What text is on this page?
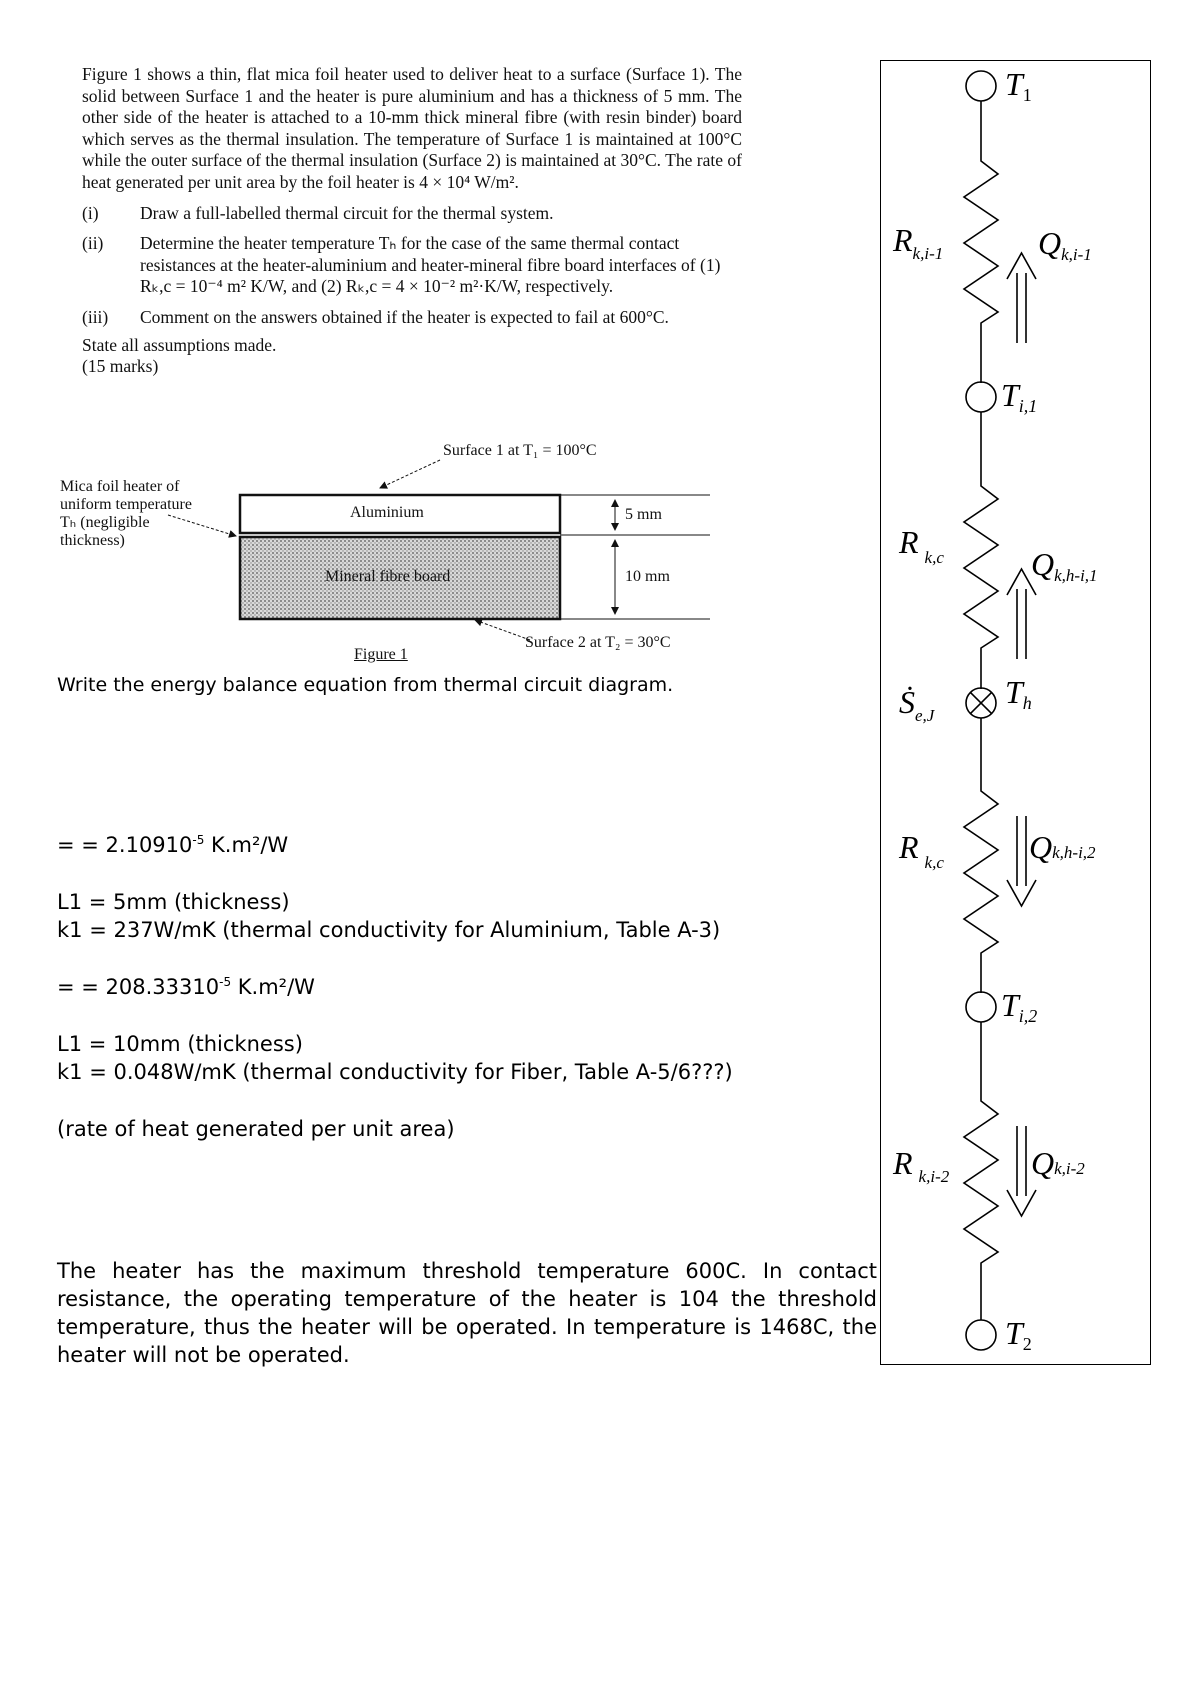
Figure 1 shows a thin, flat mica foil heater used to deliver heat to a surface (Surface 1). The solid between Surface 1 and the heater is pure aluminium and has a thickness of 5 mm. The other side of the heater is attached to a 10-mm thick mineral fibre (with resin binder) board which serves as the thermal insulation. The temperature of Surface 1 is maintained at 100°C while the outer surface of the thermal insulation (Surface 2) is maintained at 30°C. The rate of heat generated per unit area by the foil heater is 4 × 10⁴ W/m².

(i) Draw a full-labelled thermal circuit for the thermal system.
(ii) Determine the heater temperature Tₕ for the case of the same thermal contact resistances at the heater-aluminium and heater-mineral fibre board interfaces of (1) Rₖ,c = 10⁻⁴ m² K/W, and (2) Rₖ,c = 4 × 10⁻² m²·K/W, respectively.
(iii) Comment on the answers obtained if the heater is expected to fail at 600°C.

State all assumptions made.

(15 marks)

Surface 1 at T₁ = 100°C
Mica foil heater of
uniform temperature
Tₕ (negligible
thickness)
Aluminium
Mineral fibre board
5 mm
10 mm
Surface 2 at T₂ = 30°C
Figure 1
Write the energy balance equation from thermal circuit diagram.
= = $2.10910^{-5}$ K.m²/W
L1 = 5mm (thickness)
k1 = 237W/mK (thermal conductivity for Aluminium, Table A-3)
= = $208.33310^{-5}$ K.m²/W
L1 = 10mm (thickness)
k1 = 0.048W/mK (thermal conductivity for Fiber, Table A-5/6???)
(rate of heat generated per unit area)
The heater has the maximum threshold temperature 600C. In contact resistance, the operating temperature of the heater is 104 the threshold temperature, thus the heater will be operated. In temperature is 1468C, the heater will not be operated.
T1
$R_{k,i-1}$	Qk,i-1
Ti,1
R $_{k,c}$	Qk,h-i,1
Ṡ$_{e,J}$
Th
R $_{k,c}$	Qk,h-i,2
Ti,2
R $_{k,i-2}$	Qk,i-2
T2
